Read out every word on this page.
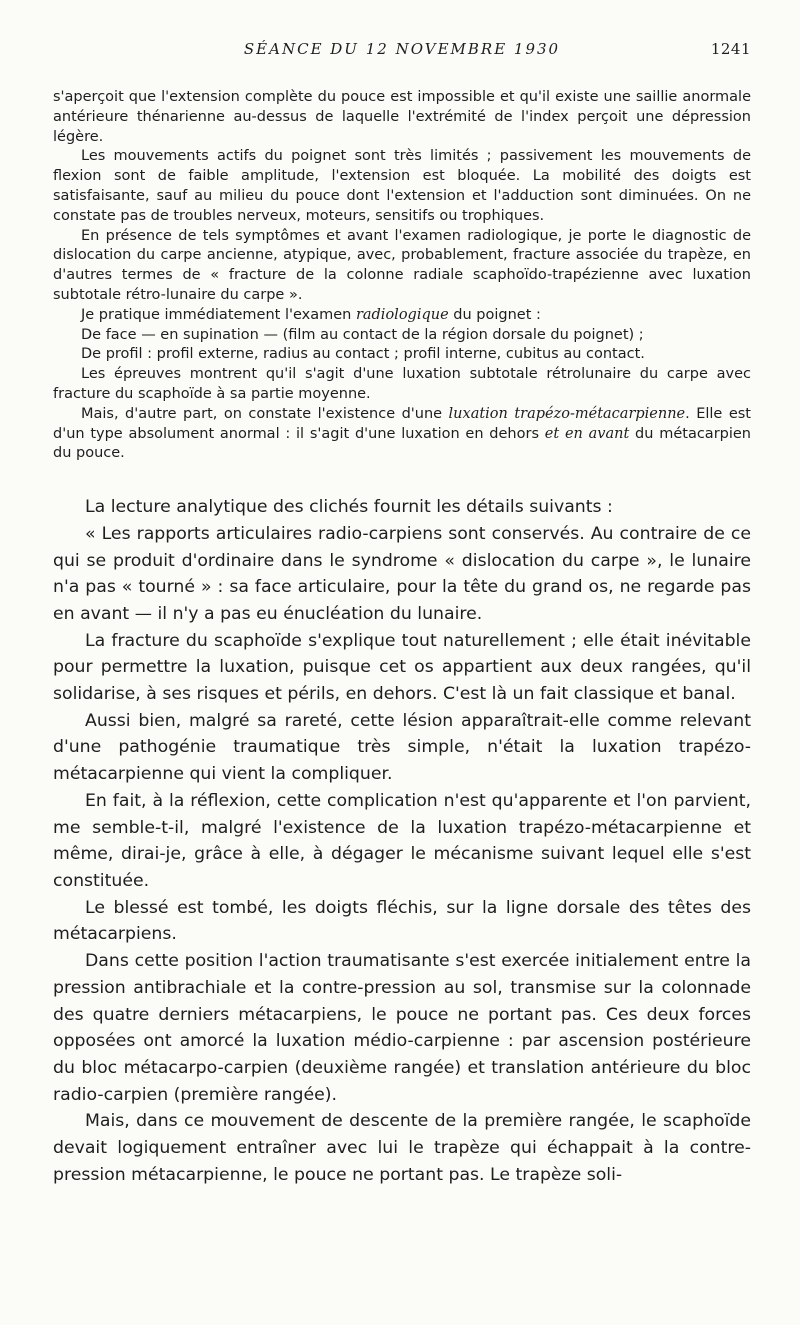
SÉANCE DU 12 NOVEMBRE 1930	1241

s'aperçoit que l'extension complète du pouce est impossible et qu'il existe une saillie anormale antérieure thénarienne au-dessus de laquelle l'extrémité de l'index perçoit une dépression légère.

Les mouvements actifs du poignet sont très limités ; passivement les mouvements de flexion sont de faible amplitude, l'extension est bloquée. La mobilité des doigts est satisfaisante, sauf au milieu du pouce dont l'extension et l'adduction sont diminuées. On ne constate pas de troubles nerveux, moteurs, sensitifs ou trophiques.

En présence de tels symptômes et avant l'examen radiologique, je porte le diagnostic de dislocation du carpe ancienne, atypique, avec, probablement, fracture associée du trapèze, en d'autres termes de « fracture de la colonne radiale scaphoïdo-trapézienne avec luxation subtotale rétro-lunaire du carpe ».

Je pratique immédiatement l'examen radiologique du poignet :

De face — en supination — (film au contact de la région dorsale du poignet) ;

De profil : profil externe, radius au contact ; profil interne, cubitus au contact.

Les épreuves montrent qu'il s'agit d'une luxation subtotale rétrolunaire du carpe avec fracture du scaphoïde à sa partie moyenne.

Mais, d'autre part, on constate l'existence d'une luxation trapézo-métacarpienne. Elle est d'un type absolument anormal : il s'agit d'une luxation en dehors et en avant du métacarpien du pouce.

La lecture analytique des clichés fournit les détails suivants :

« Les rapports articulaires radio-carpiens sont conservés. Au contraire de ce qui se produit d'ordinaire dans le syndrome « dislocation du carpe », le lunaire n'a pas « tourné » : sa face articulaire, pour la tête du grand os, ne regarde pas en avant — il n'y a pas eu énucléation du lunaire.

La fracture du scaphoïde s'explique tout naturellement ; elle était inévitable pour permettre la luxation, puisque cet os appartient aux deux rangées, qu'il solidarise, à ses risques et périls, en dehors. C'est là un fait classique et banal.

Aussi bien, malgré sa rareté, cette lésion apparaîtrait-elle comme relevant d'une pathogénie traumatique très simple, n'était la luxation trapézo-métacarpienne qui vient la compliquer.

En fait, à la réflexion, cette complication n'est qu'apparente et l'on parvient, me semble-t-il, malgré l'existence de la luxation trapézo-métacarpienne et même, dirai-je, grâce à elle, à dégager le mécanisme suivant lequel elle s'est constituée.

Le blessé est tombé, les doigts fléchis, sur la ligne dorsale des têtes des métacarpiens.

Dans cette position l'action traumatisante s'est exercée initialement entre la pression antibrachiale et la contre-pression au sol, transmise sur la colonnade des quatre derniers métacarpiens, le pouce ne portant pas. Ces deux forces opposées ont amorcé la luxation médio-carpienne : par ascension postérieure du bloc métacarpo-carpien (deuxième rangée) et translation antérieure du bloc radio-carpien (première rangée).

Mais, dans ce mouvement de descente de la première rangée, le scaphoïde devait logiquement entraîner avec lui le trapèze qui échappait à la contre-pression métacarpienne, le pouce ne portant pas. Le trapèze soli-
